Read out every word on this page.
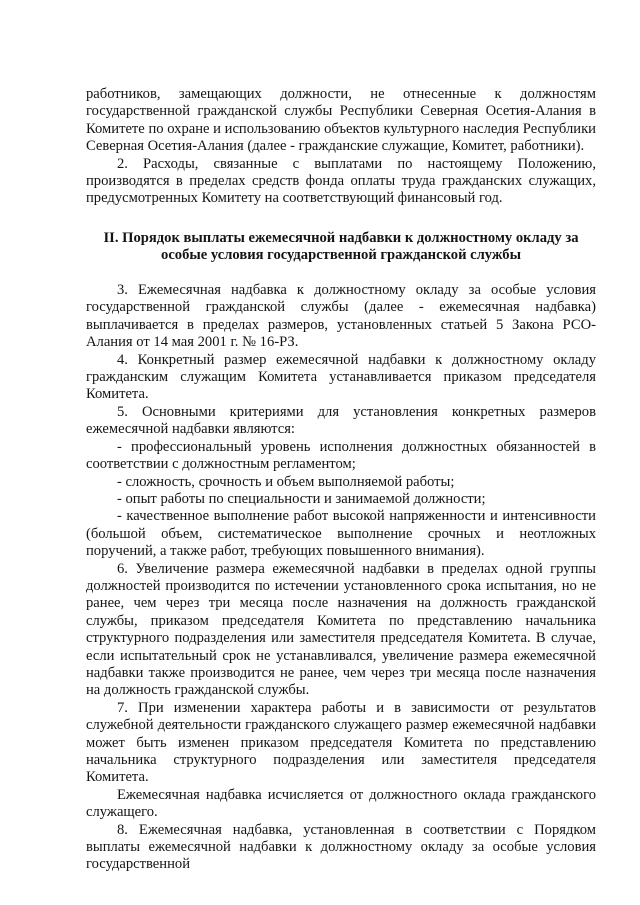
работников, замещающих должности, не отнесенные к должностям государственной гражданской службы Республики Северная Осетия-Алания в Комитете по охране и использованию объектов культурного наследия Республики Северная Осетия-Алания (далее - гражданские служащие, Комитет, работники).

2. Расходы, связанные с выплатами по настоящему Положению, производятся в пределах средств фонда оплаты труда гражданских служащих, предусмотренных Комитету на соответствующий финансовый год.

II. Порядок выплаты ежемесячной надбавки к должностному окладу за особые условия государственной гражданской службы

3. Ежемесячная надбавка к должностному окладу за особые условия государственной гражданской службы (далее - ежемесячная надбавка) выплачивается в пределах размеров, установленных статьей 5 Закона РСО-Алания от 14 мая 2001 г. № 16-РЗ.

4. Конкретный размер ежемесячной надбавки к должностному окладу гражданским служащим Комитета устанавливается приказом председателя Комитета.

5. Основными критериями для установления конкретных размеров ежемесячной надбавки являются:

- профессиональный уровень исполнения должностных обязанностей в соответствии с должностным регламентом;

- сложность, срочность и объем выполняемой работы;

- опыт работы по специальности и занимаемой должности;

- качественное выполнение работ высокой напряженности и интенсивности (большой объем, систематическое выполнение срочных и неотложных поручений, а также работ, требующих повышенного внимания).

6. Увеличение размера ежемесячной надбавки в пределах одной группы должностей производится по истечении установленного срока испытания, но не ранее, чем через три месяца после назначения на должность гражданской службы, приказом председателя Комитета по представлению начальника структурного подразделения или заместителя председателя Комитета. В случае, если испытательный срок не устанавливался, увеличение размера ежемесячной надбавки также производится не ранее, чем через три месяца после назначения на должность гражданской службы.

7. При изменении характера работы и в зависимости от результатов служебной деятельности гражданского служащего размер ежемесячной надбавки может быть изменен приказом председателя Комитета по представлению начальника структурного подразделения или заместителя председателя Комитета.

Ежемесячная надбавка исчисляется от должностного оклада гражданского служащего.

8. Ежемесячная надбавка, установленная в соответствии с Порядком выплаты ежемесячной надбавки к должностному окладу за особые условия государственной
